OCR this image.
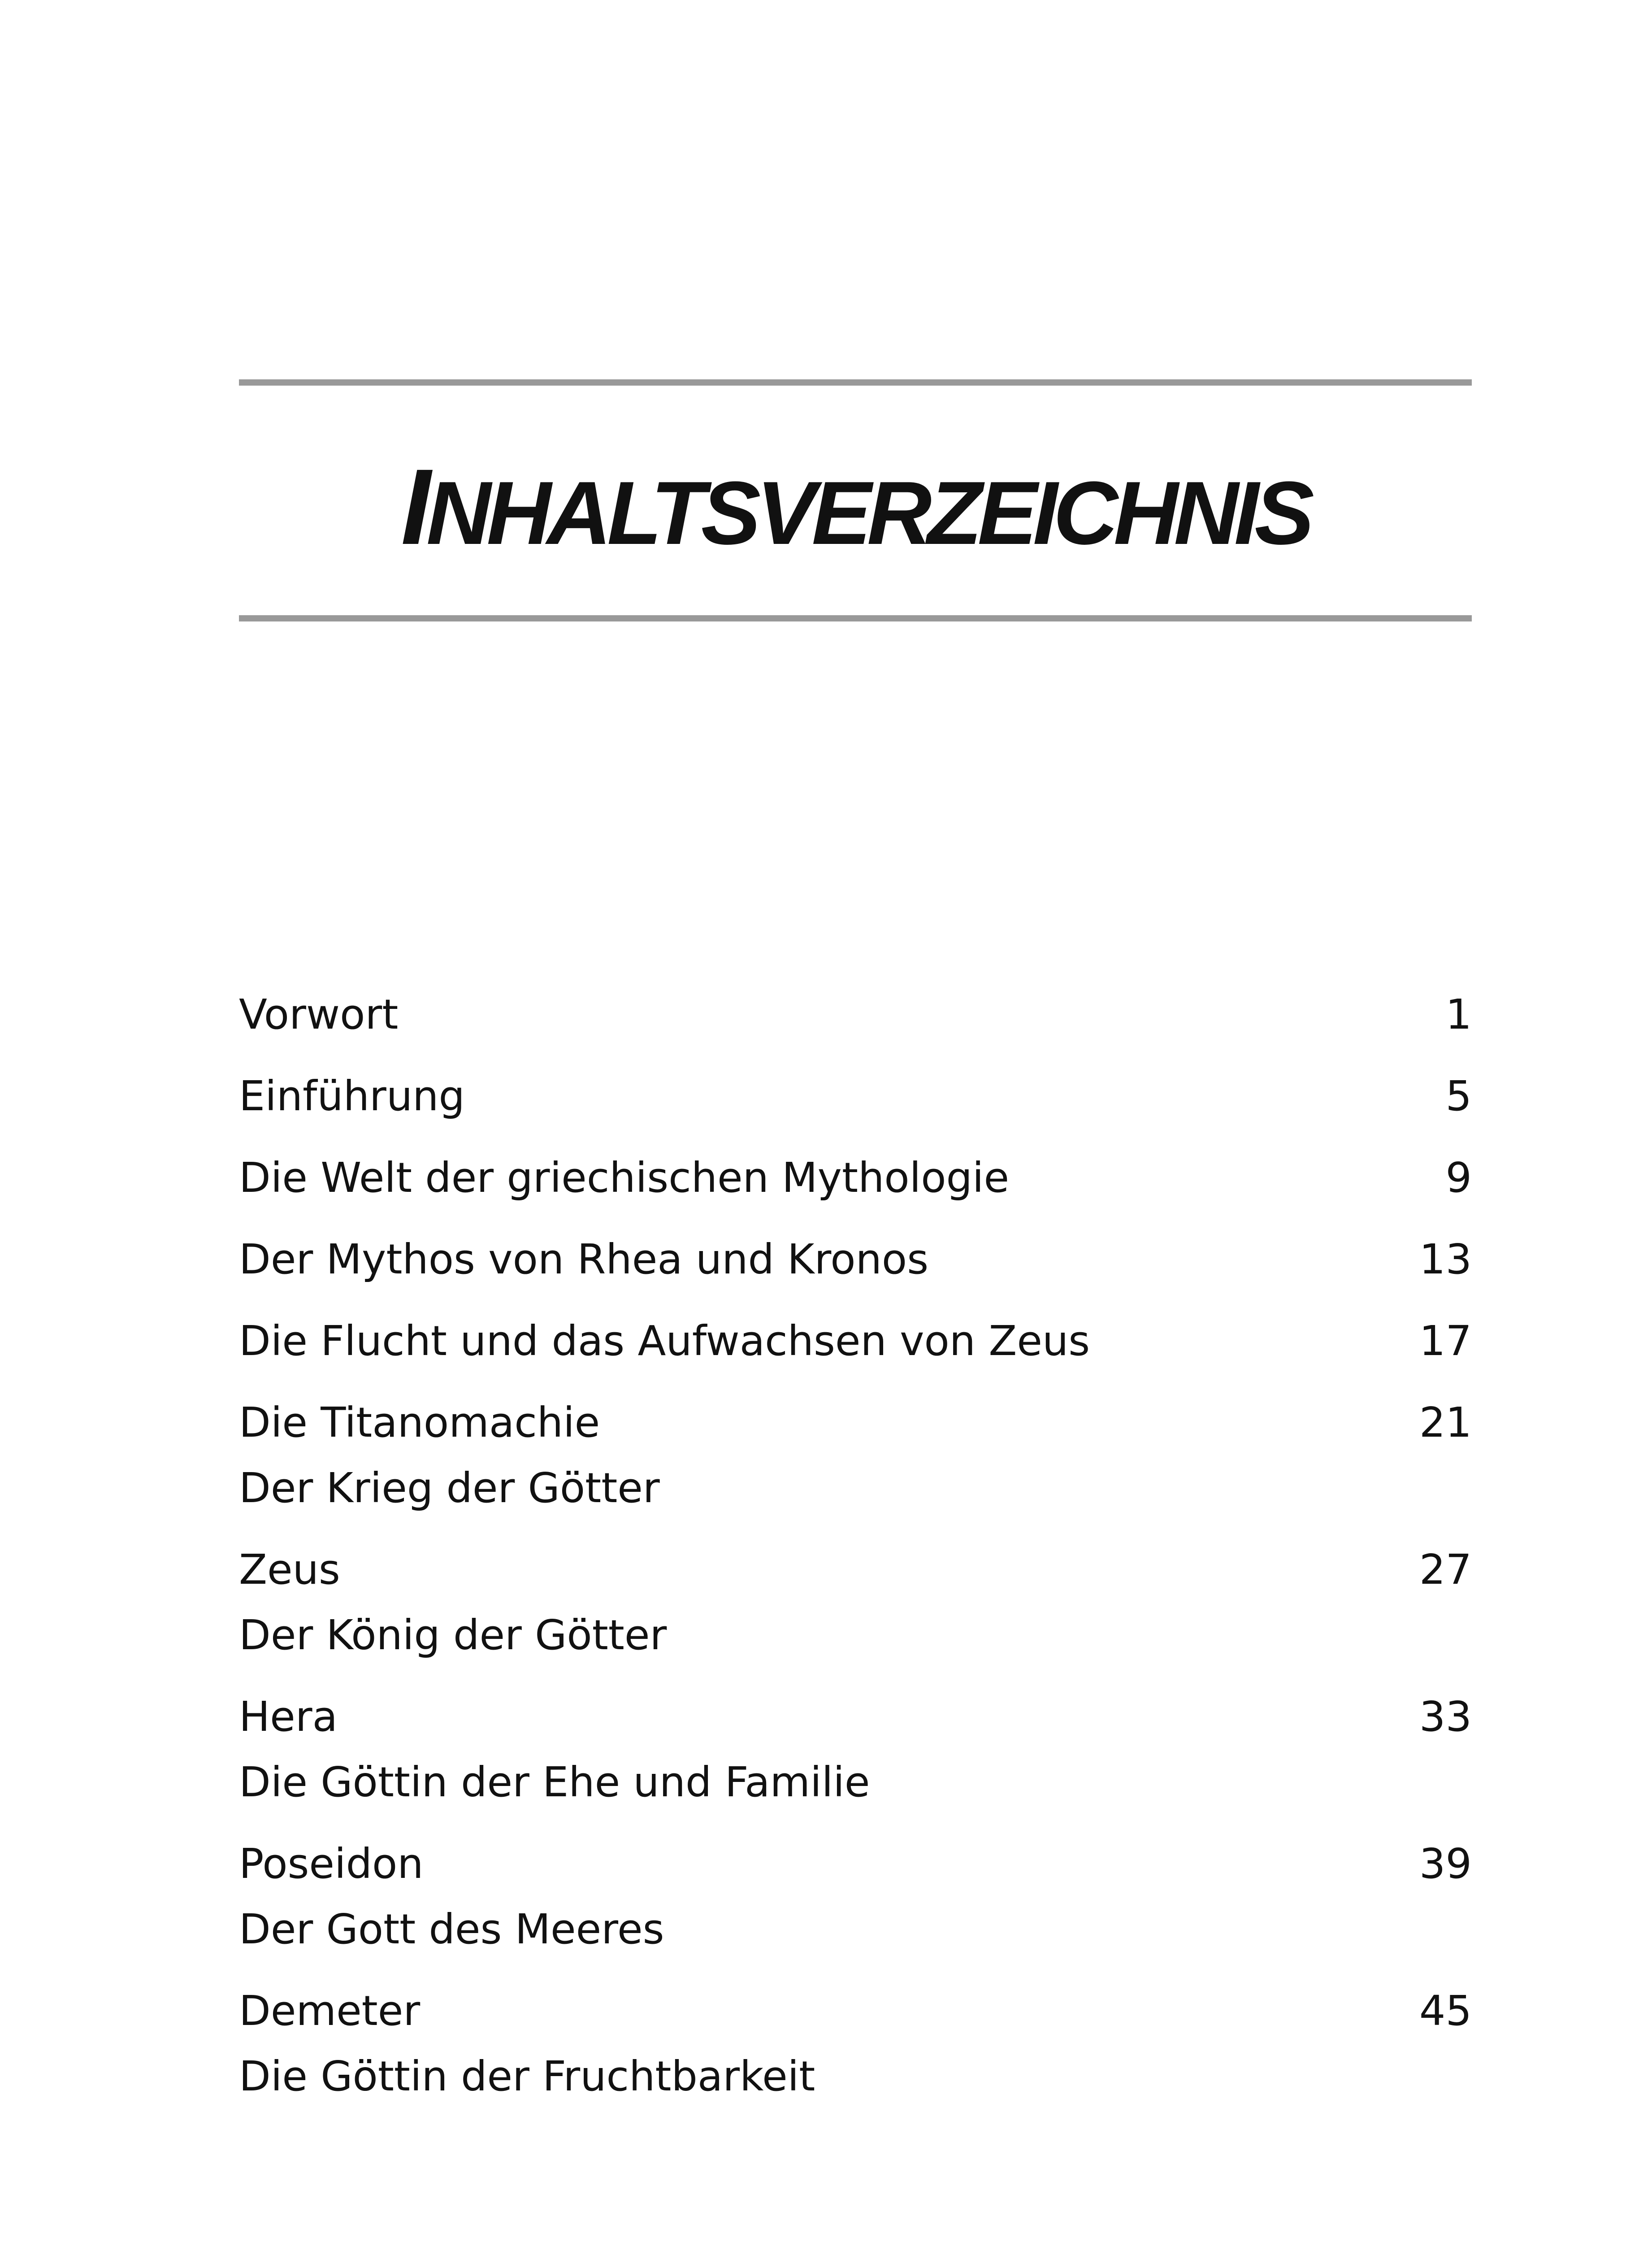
INHALTSVERZEICHNIS
Vorwort	1
Einführung	5
Die Welt der griechischen Mythologie	9
Der Mythos von Rhea und Kronos	13
Die Flucht und das Aufwachsen von Zeus	17
Die Titanomachie	21
Der Krieg der Götter
Zeus	27
Der König der Götter
Hera	33
Die Göttin der Ehe und Familie
Poseidon	39
Der Gott des Meeres
Demeter	45
Die Göttin der Fruchtbarkeit
